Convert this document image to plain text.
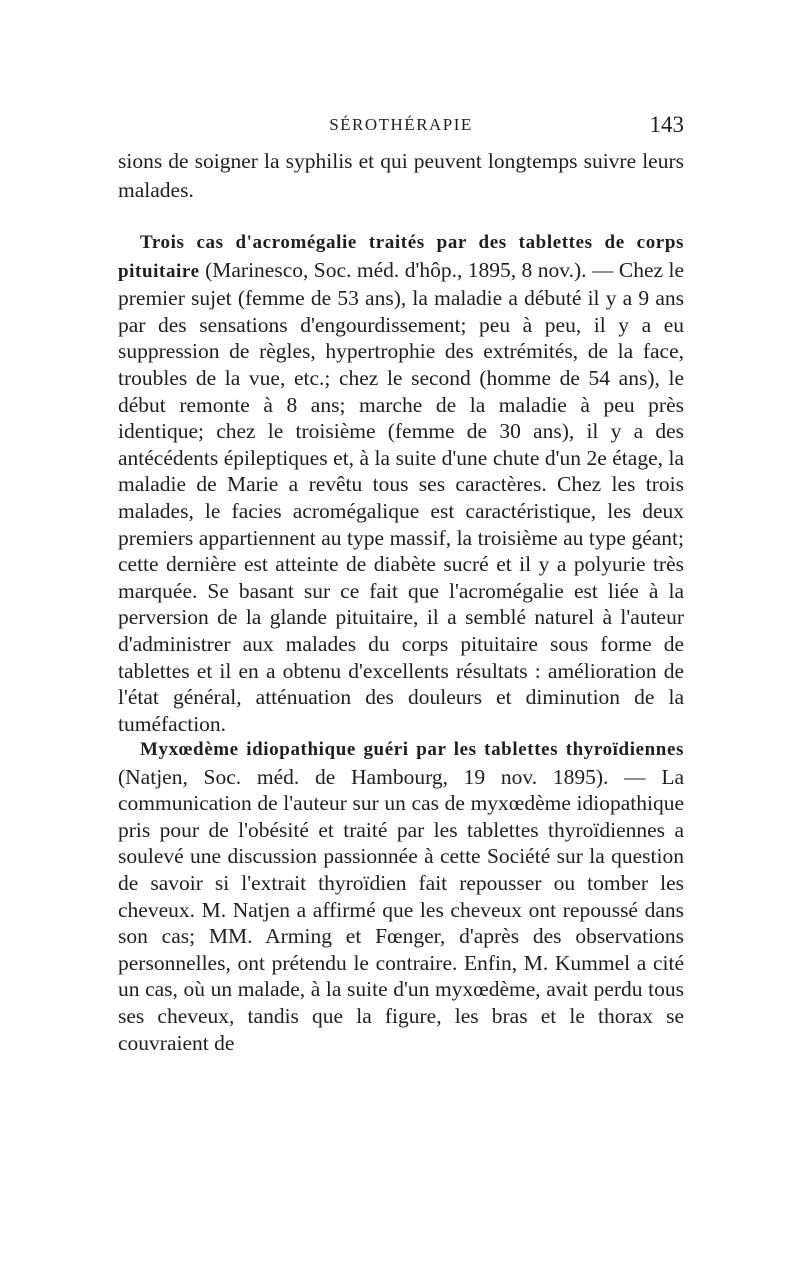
SÉROTHÉRAPIE	143

sions de soigner la syphilis et qui peuvent longtemps suivre leurs malades.

Trois cas d'acromégalie traités par des tablettes de corps pituitaire (Marinesco, Soc. méd. d'hôp., 1895, 8 nov.). — Chez le premier sujet (femme de 53 ans), la maladie a débuté il y a 9 ans par des sensations d'engourdissement; peu à peu, il y a eu suppression de règles, hypertrophie des extrémités, de la face, troubles de la vue, etc.; chez le second (homme de 54 ans), le début remonte à 8 ans; marche de la maladie à peu près identique; chez le troisième (femme de 30 ans), il y a des antécédents épileptiques et, à la suite d'une chute d'un 2e étage, la maladie de Marie a revêtu tous ses caractères. Chez les trois malades, le facies acromégalique est caractéristique, les deux premiers appartiennent au type massif, la troisième au type géant; cette dernière est atteinte de diabète sucré et il y a polyurie très marquée. Se basant sur ce fait que l'acromégalie est liée à la perversion de la glande pituitaire, il a semblé naturel à l'auteur d'administrer aux malades du corps pituitaire sous forme de tablettes et il en a obtenu d'excellents résultats : amélioration de l'état général, atténuation des douleurs et diminution de la tuméfaction.

Myxœdème idiopathique guéri par les tablettes thyroïdiennes (Natjen, Soc. méd. de Hambourg, 19 nov. 1895). — La communication de l'auteur sur un cas de myxœdème idiopathique pris pour de l'obésité et traité par les tablettes thyroïdiennes a soulevé une discussion passionnée à cette Société sur la question de savoir si l'extrait thyroïdien fait repousser ou tomber les cheveux. M. Natjen a affirmé que les cheveux ont repoussé dans son cas; MM. Arming et Fœnger, d'après des observations personnelles, ont prétendu le contraire. Enfin, M. Kummel a cité un cas, où un malade, à la suite d'un myxœdème, avait perdu tous ses cheveux, tandis que la figure, les bras et le thorax se couvraient de
